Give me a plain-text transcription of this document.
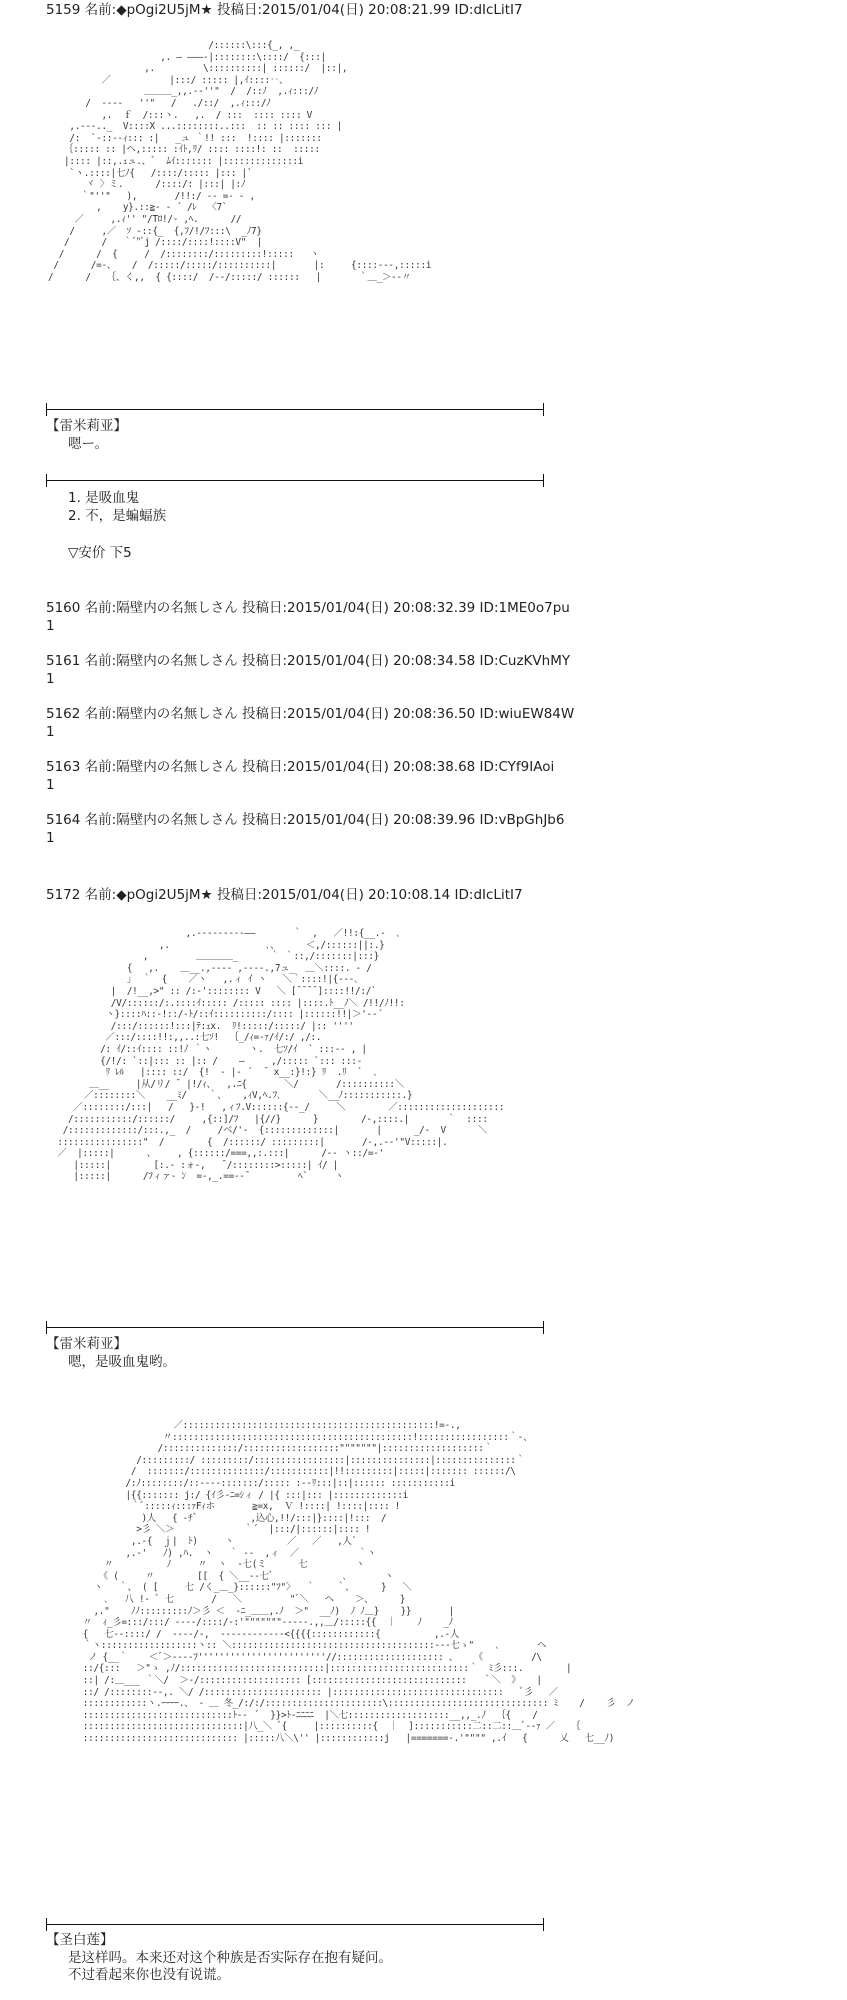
5159 名前:◆pOgi2U5jM★ 投稿日:2015/01/04(日) 20:08:21.99 ID:dIcLitI7
/::::::\:::{_, ,_
,. ― ―――‐|::::::::\::::/  {:::|
,.         \::::::::::| ::::::/  |::|,
／           |:::/ ::::: |,ｲ::::‥、
＿＿＿_,,.-‐''"  /  /::ﾉ  ,.ｨ:::/ﾉ
/  ‐‐‐‐   ''"   /   ./::/  ,.ｨ:::/ﾉ
,.  ｆ  /:::ヽ.   ,.  / :::  :::: :::: V
,.‐‐‐.._  V::::X ...::::::::..:::  :: :: :::: ::: |
/:  `‐::‐-ｨ::: :|   _ュ ｀!! :::  !:::: |:::::::
｛::::: :: |ヘ,::::: :ｲﾄ,ﾘ/ :::: ::::!: ::  :::::
|:::: |::,.ｪュ.、ﾞ  ﾑｲ::::::: |::::::::::::::i
`ヽ.::::|七ﾉ{   /::::/::::: |::: |`
ヾ 〉ミ.      /::::/: |:::| |:ﾉ
｀"''"   ),       /!!:/ ‐‐ =- - ,
,    y}.::≧- ‐ ´ /ﾚ  〈7`
／     ,.ｨ'' "/Tﾛ!/- ,ﾍ.      //
/     ,／  ｿ ‐::{_  {,ﾌ/!/ﾌ:::\  _ﾉ7}
/      /   ｀ﾞ"ﾞj /::::/::::!::::V"  |
/      /  {     /  /::::::::/:::::::::!:::::   ヽ
/      /=‐、   /  /:::::/:::::/::::::::::|       |:     {::::-‐‐,:::::i
/      /   ｛、く,,  { {::::/  /‐‐/:::::/ ::::::   |       ｀＿_＞‐‐〃
【雷米莉亚】
嗯ー。
1. 是吸血鬼
2. 不，是蝙蝠族
▽安价 下5
5160 名前:隔壁内の名無しさん 投稿日:2015/01/04(日) 20:08:32.39 ID:1ME0o7pu
1
5161 名前:隔壁内の名無しさん 投稿日:2015/01/04(日) 20:08:34.58 ID:CuzKVhMY
1
5162 名前:隔壁内の名無しさん 投稿日:2015/01/04(日) 20:08:36.50 ID:wiuEW84W
1
5163 名前:隔壁内の名無しさん 投稿日:2015/01/04(日) 20:08:38.68 ID:CYf9IAoi
1
5164 名前:隔壁内の名無しさん 投稿日:2015/01/04(日) 20:08:39.96 ID:vBpGhJb6
1
5172 名前:◆pOgi2U5jM★ 投稿日:2015/01/04(日) 20:10:08.14 ID:dIcLitI7
,.‐‐‐‐‐‐‐‐‐――       ｀  ,   ／!!:{__.-  ､
,.                  ､、     ＜,/::::::||:.}
,         ＿＿＿＿_      ｀ ｀::,/:::::::|:::}
{   ,.    ＿__.,-‐‐‐ ,‐‐‐‐.,7ュ_  ＿＼::::. - /
｣  ｀  {    ／ヽ   ,.ィ ｲ ヽ   ＼｀::::!|{‐‐‐､
|  /!__,>" :: /:‐':::::::: V   ＼ [¯¯¯¯]::::!!/:/`
/V/::::::/:.::::ｲ::::: /::::: :::: |::::.ﾄ__ﾉ＼ /!!/ﾉ!!:
ヽ}::::ﾊ::‐!::/‐ﾄ/::ｲ::::::::::/:::: |::::::!!|＞'‐‐´
/:::/::::::!:::|ﾃ:ｪx.  ﾘ!:::::/:::::/ |:: ''''
／:::/::::!!:,,..:七ｿ!  ｛_/ｨ=‐ｧ/ｲ/:/ ,/:.
/: ｲ/::ｲ:::: ::!ﾉ ｀ヽ       ヽ.  七ｿ/ｲ  ` :::‐‐ , |
{/!/: `::|::: :: |:: /    ―     ,/::::: `::: :::-
ﾘ ﾚﾙ   |:::: ::/  {!  ‐ |‐ ´  ̄  x__:}!:} ﾘ  .ﾘ  `  ､
＿__     |从/リ/ ¯ |!/ｨ、  ,.ﾆ{       ＼/       /::::::::::＼
／::::::::＼    __ﾐ/    ｀、   ,ｨV,ﾍ.ﾌ､       ＼__ﾉ:::::::::::.}
／::::::::/:::|   /   }‐!   ,ィﾌ.V::::::{‐-_/     ＼        ／::::::::::::::::::::
/:::::::::::/::::::/     ,{::]/ﾌ   |{//}      }        /‐,::::.|       ｀  ::::
/:::::::::::::/:::.,_  /     /ベ/'‐  {:::::::::::::|       |      _/‐  V      ＼
::::::::::::::::"  /        {  /::::::/ :::::::::|       /‐,.-‐'"V:::::|.
／  |:::::|      、    , {::::::/===,,:.:::|      /‐‐ ヽ::/=‐'
|:::::|        [:.‐ :ォ‐,   ¯/::::::::>:::::| ｲ/ |
|:::::|      /ﾌィァ‐ ﾝ  =‐,_.==‐‐¯         ﾍ`     ヽ
【雷米莉亚】
嗯，是吸血鬼哟。
／:::::::::::::::::::::::::::::::::::::::::::::::!=‐.,
〃:::::::::::::::::::::::::::::::::::::::::::::!:::::::::::::::::｀‐、
/::::::::::::::/::::::::::::::::::"""""""|:::::::::::::::::::｀
/:::::::::/ :::::::::/:::::::::::::::::|:::::::::::::::|:::::::::::::::｀
/  :::::::/::::::::::::::/:::::::::::|!!:::::::::|:::::|::::::: ::::::/\
/:ﾉ::::::::/::‐‐‐‐:::::::/::::: :‐‐ﾘ:::|::|:::::: :::::::::::i
|{{::::::: j:/ {ｲ彡‐ﾆ=ｼィ / |{ :::|::: |:::::::::::::i
｀ﾞ:::::ｨ:::ｧFｨホ       ≧=x,  Ｖ !::::| !::::|:::: !
)人   { -ﾁﾞ          ,込心,!!/:::|}::::|!:::  /
>彡 ＼＞             ｀´  |:::/|::::::|:::: !
,.‐{  ｊ|  ﾄ)     ヽ          ／   ／   ,人`
,.‐'   ﾉ) ,ﾊ.  ヽ   ｀ ‐‐  ,ィ  ／           ｀ヽ
〃          ﾉ     〃  ヽ  ‐七(ミ      七         ヽ
《 (     〃        [[  { ＼__‐‐七ﾞ             ､       ヽ
ヽ   ｀、 ( [     七 /く_＿_}::::::"ﾌ"〉  ｀    ｀、     }   ＼
､   八 !‐ ﾞ 七       /   ＼         "ﾞ＼   ヘ    ＞、     }
,."    ﾉﾉ:::::::::ﾉ＞彡 ＜  ‐ﾆ_＿＿,.ﾉ  ＞"  __ﾉ)  ﾉ ﾉ＿}    }}       |
〃  ｨ_彡=:::/:::/ ‐‐‐‐/::::/‐:'"""""""‐‐‐‐‐.,,＿/:::::{{  ｜    ﾉ    _ﾉ
{   七‐-::::/ /  ‐‐‐‐/‐,  ‐‐‐‐‐‐---‐‐‐<{{{{::::::::::::{          ,.‐人
｀ヽ::::::::::::::::::ヽ:: ＼::::::::::::::::::::::::::::::::::::::‐--七ゝ"    ､       ヘ
ノ {__｀    ＜ﾞ＞‐‐‐‐ﾌ''''''''''''''''''''''''//:::::::::::::::::::: 、   《         /\
::/{:::   ＞"ゝ ,ﾉ/:::::::::::::::::::::::::::|::::::::::::::::::::::::::｀  ﾐ彡:::.        |
::| /:＿___ ｀＼/  ＞‐/::::::::::::::::::: [:::::::::::::::::::::::::::::   ｀＼  》   |
::/ /::::::::‐‐,. ＼/ /:::::::::::::::::::::: |::::::::::::::::::::::::::::::::   ﾞ彡   ／
::::::::::::ヽ.ｰｰｰｰ.、 ‐ ＿ 冬_/:/:/::::::::::::::::::::::\:::::::::::::::::::::::::::::: ﾐ    /    彡  ノ
::::::::::::::::::::::::::::ﾄ--  ﾞ  }}>ﾄ-ﾆﾆﾆﾆ  |＼七:::::::::::::::::::__,,_.ﾉ  ｛{    /
::::::::::::::::::::::::::::::|八_＼ ﾞ{     |::::::::::{  ｜  ]:::::::::::二::二::＿ﾞ‐‐ｧ ／   ｛
::::::::::::::::::::::::::::: |:::::八＼\'' |::::::::::::j   |=======‐.'"""" ,.ｲ   {      乂   七__ﾉ)
【圣白莲】
是这样吗。本来还对这个种族是否实际存在抱有疑问。
不过看起来你也没有说谎。
